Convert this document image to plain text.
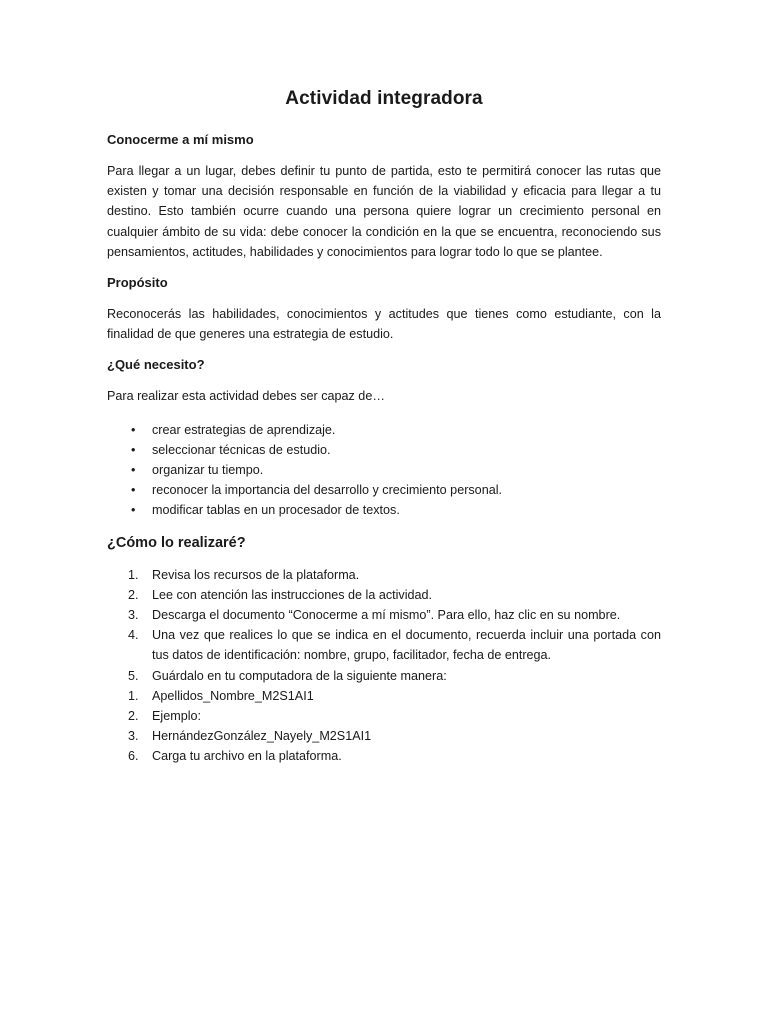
Actividad integradora
Conocerme a mí mismo

Para llegar a un lugar, debes definir tu punto de partida, esto te permitirá conocer las rutas que existen y tomar una decisión responsable en función de la viabilidad y eficacia para llegar a tu destino. Esto también ocurre cuando una persona quiere lograr un crecimiento personal en cualquier ámbito de su vida: debe conocer la condición en la que se encuentra, reconociendo sus pensamientos, actitudes, habilidades y conocimientos para lograr todo lo que se plantee.

Propósito

Reconocerás las habilidades, conocimientos y actitudes que tienes como estudiante, con la finalidad de que generes una estrategia de estudio.

¿Qué necesito?

Para realizar esta actividad debes ser capaz de…

• crear estrategias de aprendizaje.
• seleccionar técnicas de estudio.
• organizar tu tiempo.
• reconocer la importancia del desarrollo y crecimiento personal.
• modificar tablas en un procesador de textos.
¿Cómo lo realizaré?
1. Revisa los recursos de la plataforma.
2. Lee con atención las instrucciones de la actividad.
3. Descarga el documento “Conocerme a mí mismo”. Para ello, haz clic en su nombre.
4. Una vez que realices lo que se indica en el documento, recuerda incluir una portada con tus datos de identificación: nombre, grupo, facilitador, fecha de entrega.
5. Guárdalo en tu computadora de la siguiente manera:
1. Apellidos_Nombre_M2S1AI1
2. Ejemplo:
3. HernándezGonzález_Nayely_M2S1AI1
6. Carga tu archivo en la plataforma.
